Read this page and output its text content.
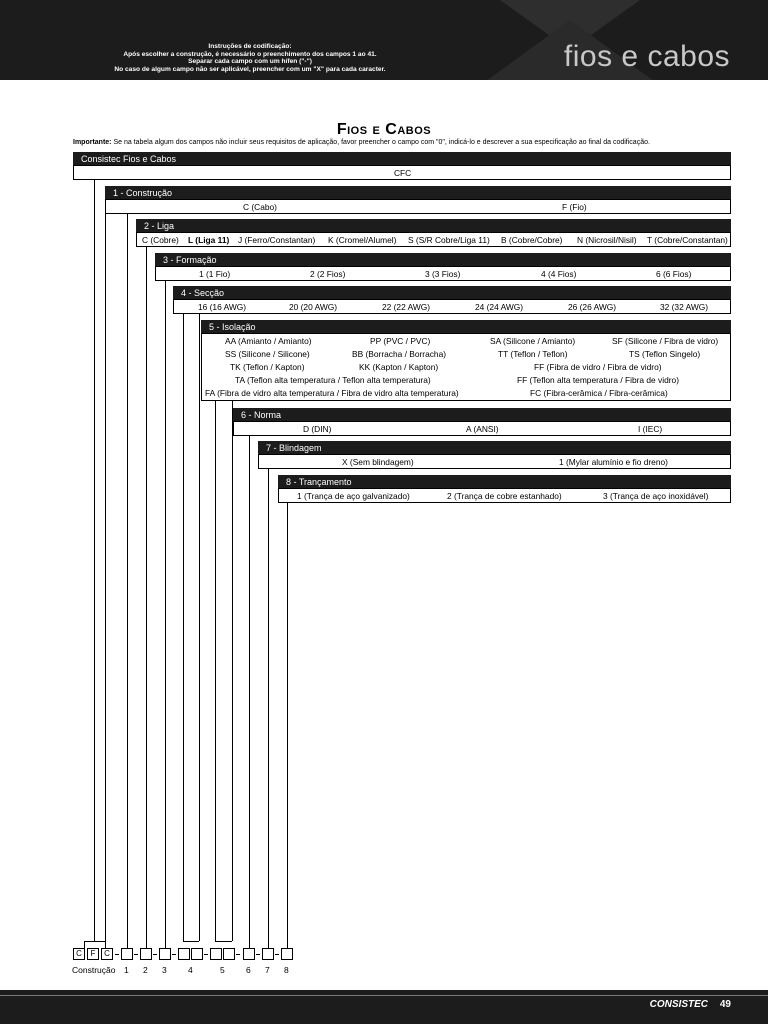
Instruções de codificação:
Após escolher a construção, é necessário o preenchimento dos campos 1 ao 41.
Separar cada campo com um hífen ("-")
No caso de algum campo não ser aplicável, preencher com um "X" para cada caracter.	fios e cabos
Fios e Cabos
Importante: Se na tabela algum dos campos não incluir seus requisitos de aplicação, favor preencher o campo com "0", indicá-lo e descrever a sua especificação ao final da codificação.
Consistec Fios e Cabos
CFC
1 - Construção
C (Cabo)	F (Fio)
2 - Liga
C (Cobre) L (Liga 11) J (Ferro/Constantan) K (Cromel/Alumel) S (S/R Cobre/Liga 11) B (Cobre/Cobre) N (Nicrosil/Nisil) T (Cobre/Constantan)
3 - Formação
1 (1 Fio)	2 (2 Fios)	3 (3 Fios)	4 (4 Fios)	6 (6 Fios)
4 - Secção
16 (16 AWG)	20 (20 AWG)	22 (22 AWG)	24 (24 AWG)	26 (26 AWG)	32 (32 AWG)
5 - Isolação
AA (Amianto / Amianto)	PP (PVC / PVC)	SA (Silicone / Amianto)	SF (Silicone / Fibra de vidro)
SS (Silicone / Silicone)	BB (Borracha / Borracha)	TT (Teflon / Teflon)	TS (Teflon Singelo)
TK (Teflon / Kapton)	KK (Kapton / Kapton)	FF (Fibra de vidro / Fibra de vidro)
TA (Teflon alta temperatura / Teflon alta temperatura)	FF (Teflon alta temperatura / Fibra de vidro)
FA (Fibra de vidro alta temperatura / Fibra de vidro alta temperatura)	FC (Fibra-cerâmica / Fibra-cerâmica)
6 - Norma
D (DIN)	A (ANSI)	I (IEC)
7 - Blindagem
X (Sem blindagem)	1 (Mylar alumínio e fio dreno)
8 - Trançamento
1 (Trança de aço galvanizado)	2 (Trança de cobre estanhado)	3 (Trança de aço inoxidável)
C	F	C
Construção 1 2 3	4	5	6 7 8
CONSISTEC 49
